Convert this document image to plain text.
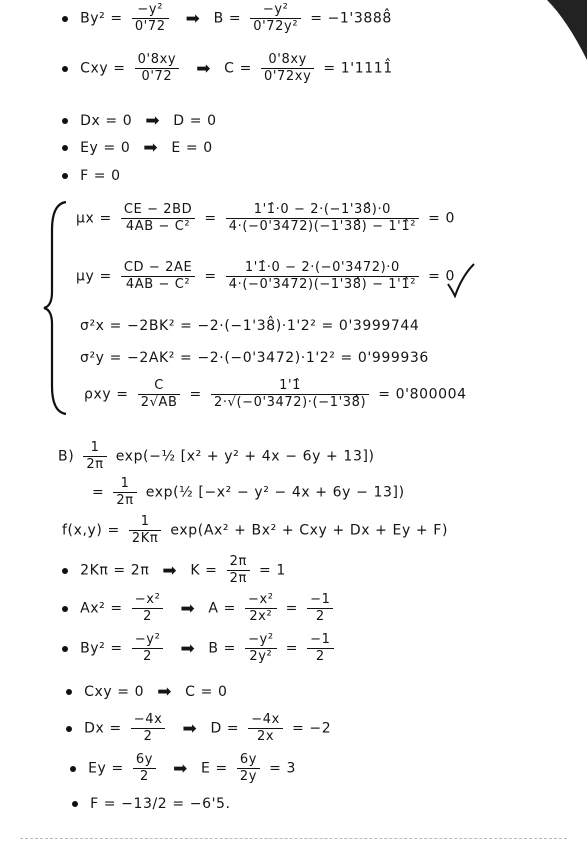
$By^2 = \frac{\text{−y²}}{0'72}$ ➡ $B = \frac{\text{−y²}}{\text{0'72y²}}$ = −1'3888̂
Cxy = $\frac{0'8xy}{0'72}$ ➡ $C = \frac{0'8xy}{0'72xy}$ = 1'1111̂
Dx = 0 ➡ D = 0
Ey = 0 ➡ E = 0
F = 0
$\mu x = \frac{CE - 2BD}{\text{4AB − C²}} = \frac{1'1̂\cdot 0 - 2\cdot(-1'38̂)\cdot 0}{\text{4·(−0'3472)(−1'38̂) − 1'1̂²}} = 0$
$\mu y = \frac{CD - 2AE}{\text{4AB − C²}} = \frac{1'1̂\cdot 0 - 2\cdot(-0'3472)\cdot 0}{\text{4·(−0'3472)(−1'38̂) − 1'1̂²}} = 0$
σ²x = −2BK² = −2·(−1'38̂)·1'2² = 0'3999744
σ²y = −2AK² = −2·(−0'3472)·1'2² = 0'999936
$\rho xy = \frac{C}{2√AB} = \frac{1'1̂}{2\cdot√(-0'3472)\cdot(-1'38̂)} = 0'800004$
$B) \frac{1}{2\pi}$ exp(−½ [x² + y² + 4x − 6y + 13])
= $\frac{1}{2\pi}$ exp(½ [−x² − y² − 4x + 6y − 13])
$f(x,y) = \frac{1}{2K\pi} \exp(Ax^2 + Bx^2$ + Cxy + Dx + Ey + F)
2Kπ = 2π ➡ $K = \frac{2\pi}{2\pi} = 1$
$Ax^2 = \frac{\text{−x²}}{2}$ ➡ $A = \frac{\text{−x²}}{\text{2x²}} = \frac{-1}{2}$
$By^2 = \frac{\text{−y²}}{2}$ ➡ $B = \frac{\text{−y²}}{\text{2y²}} = \frac{-1}{2}$
Cxy = 0 ➡ C = 0
$Dx = \frac{-4x}{2}$ ➡ $D = \frac{-4x}{2x} = -2$
$Ey = \frac{6y}{2}$ ➡ $E = \frac{6y}{2y} = 3$
F = −13/2 = −6'5.
